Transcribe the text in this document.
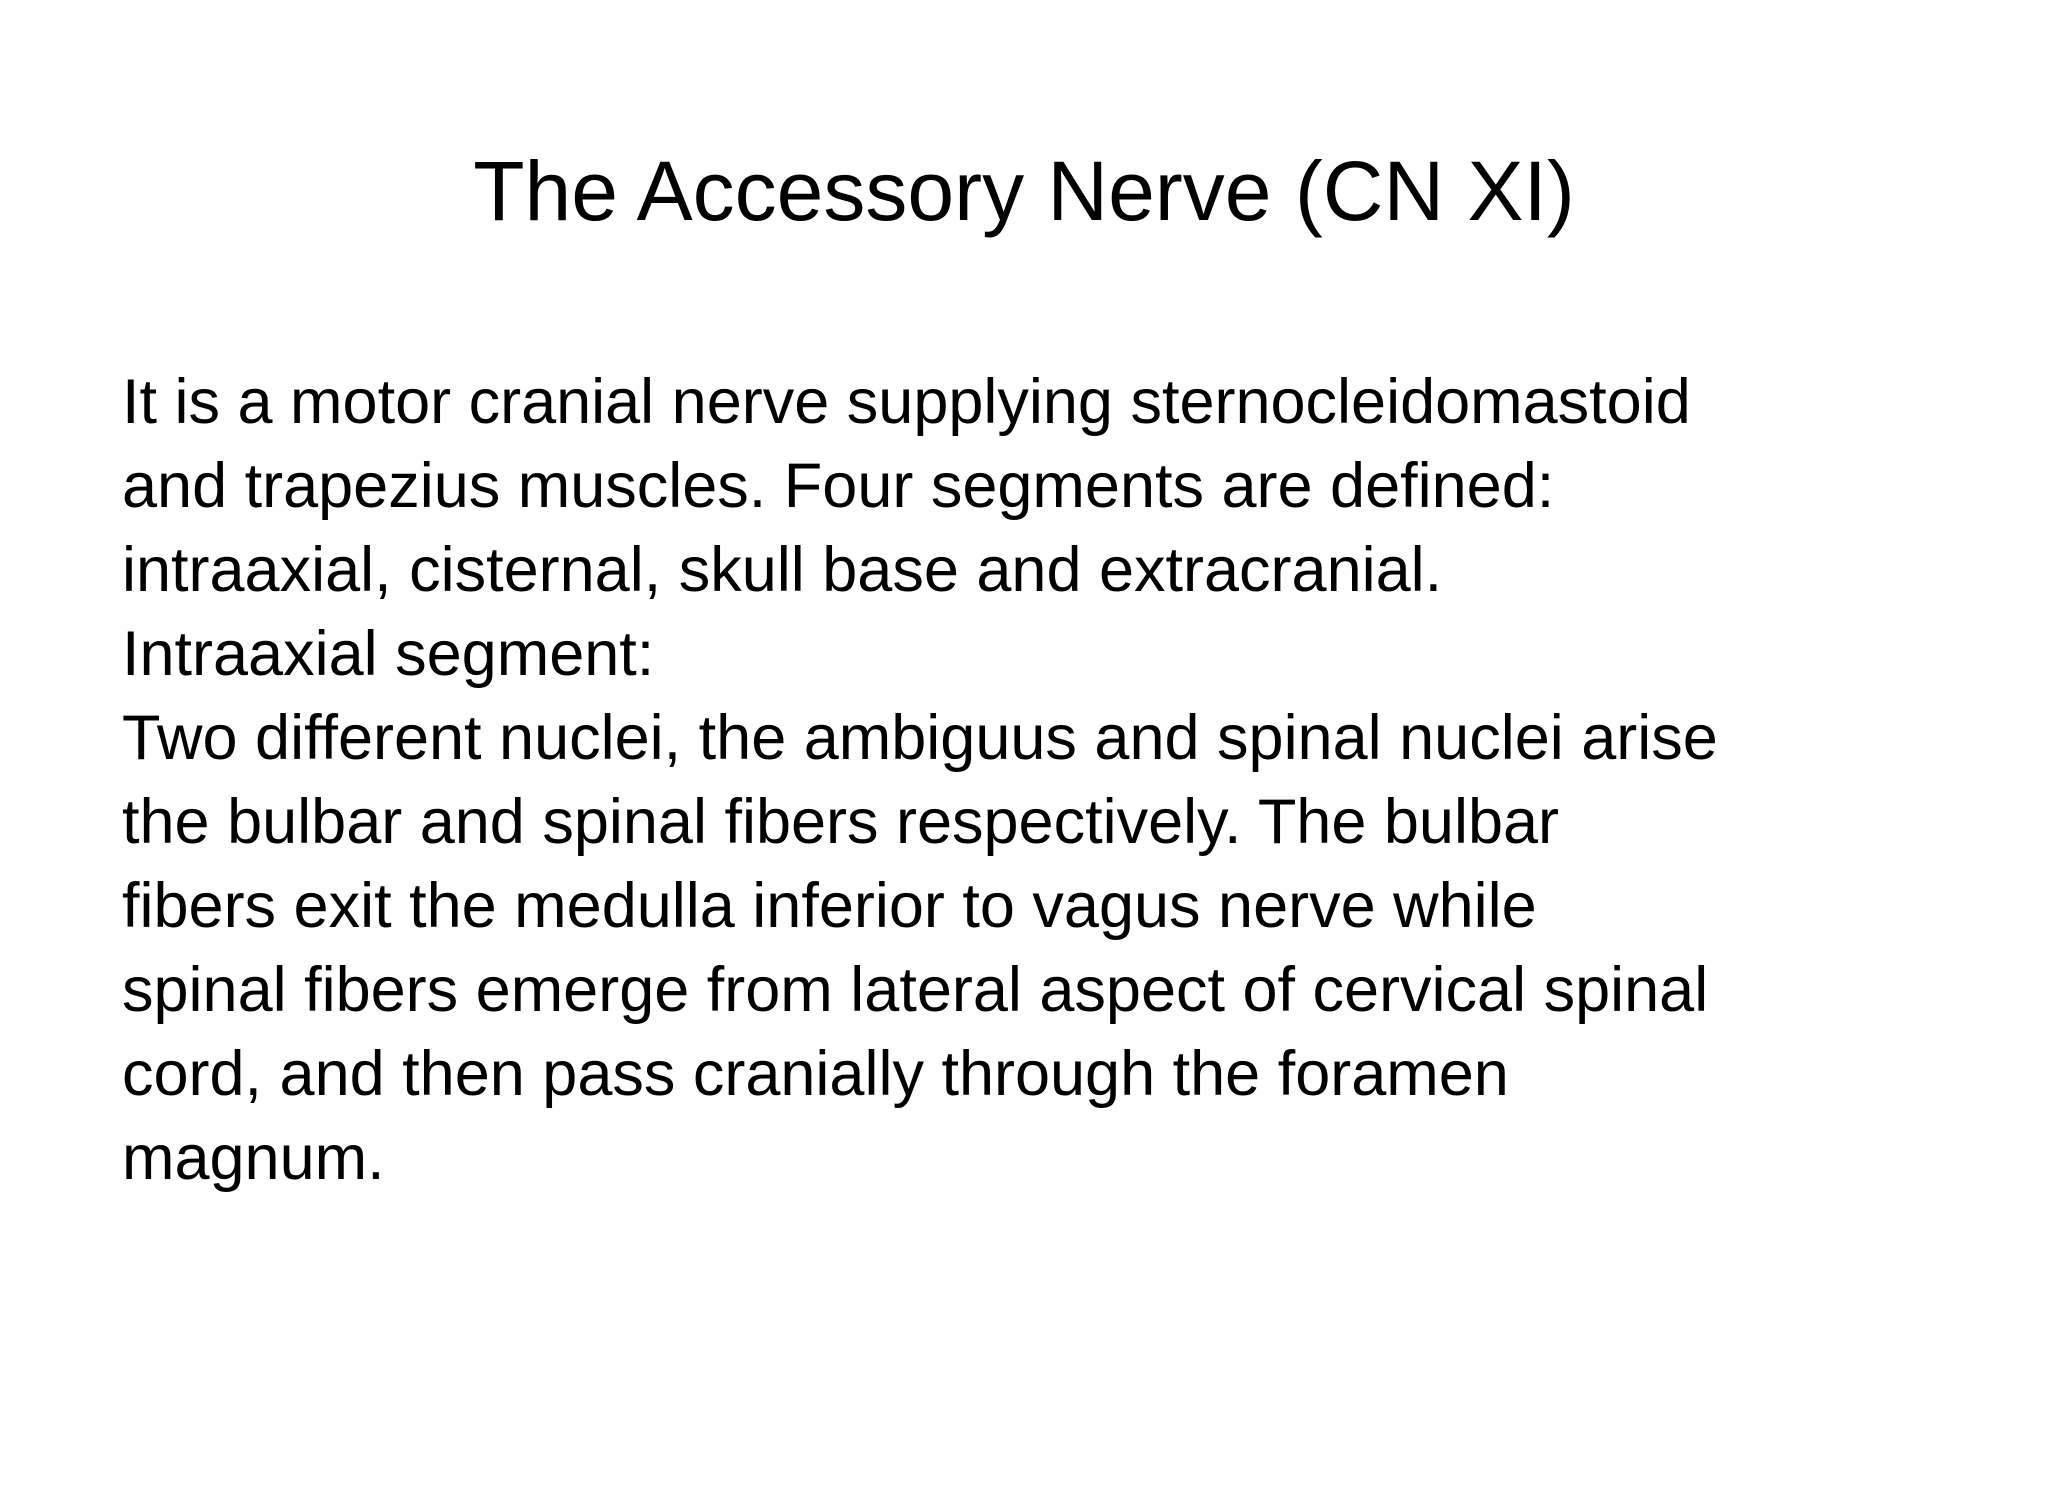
The Accessory Nerve (CN XI)
It is a motor cranial nerve supplying sternocleidomastoid
and trapezius muscles. Four segments are defined:
intraaxial, cisternal, skull base and extracranial.
Intraaxial segment:
Two different nuclei, the ambiguus and spinal nuclei arise
the bulbar and spinal fibers respectively. The bulbar
fibers exit the medulla inferior to vagus nerve while
spinal fibers emerge from lateral aspect of cervical spinal
cord, and then pass cranially through the foramen
magnum.
